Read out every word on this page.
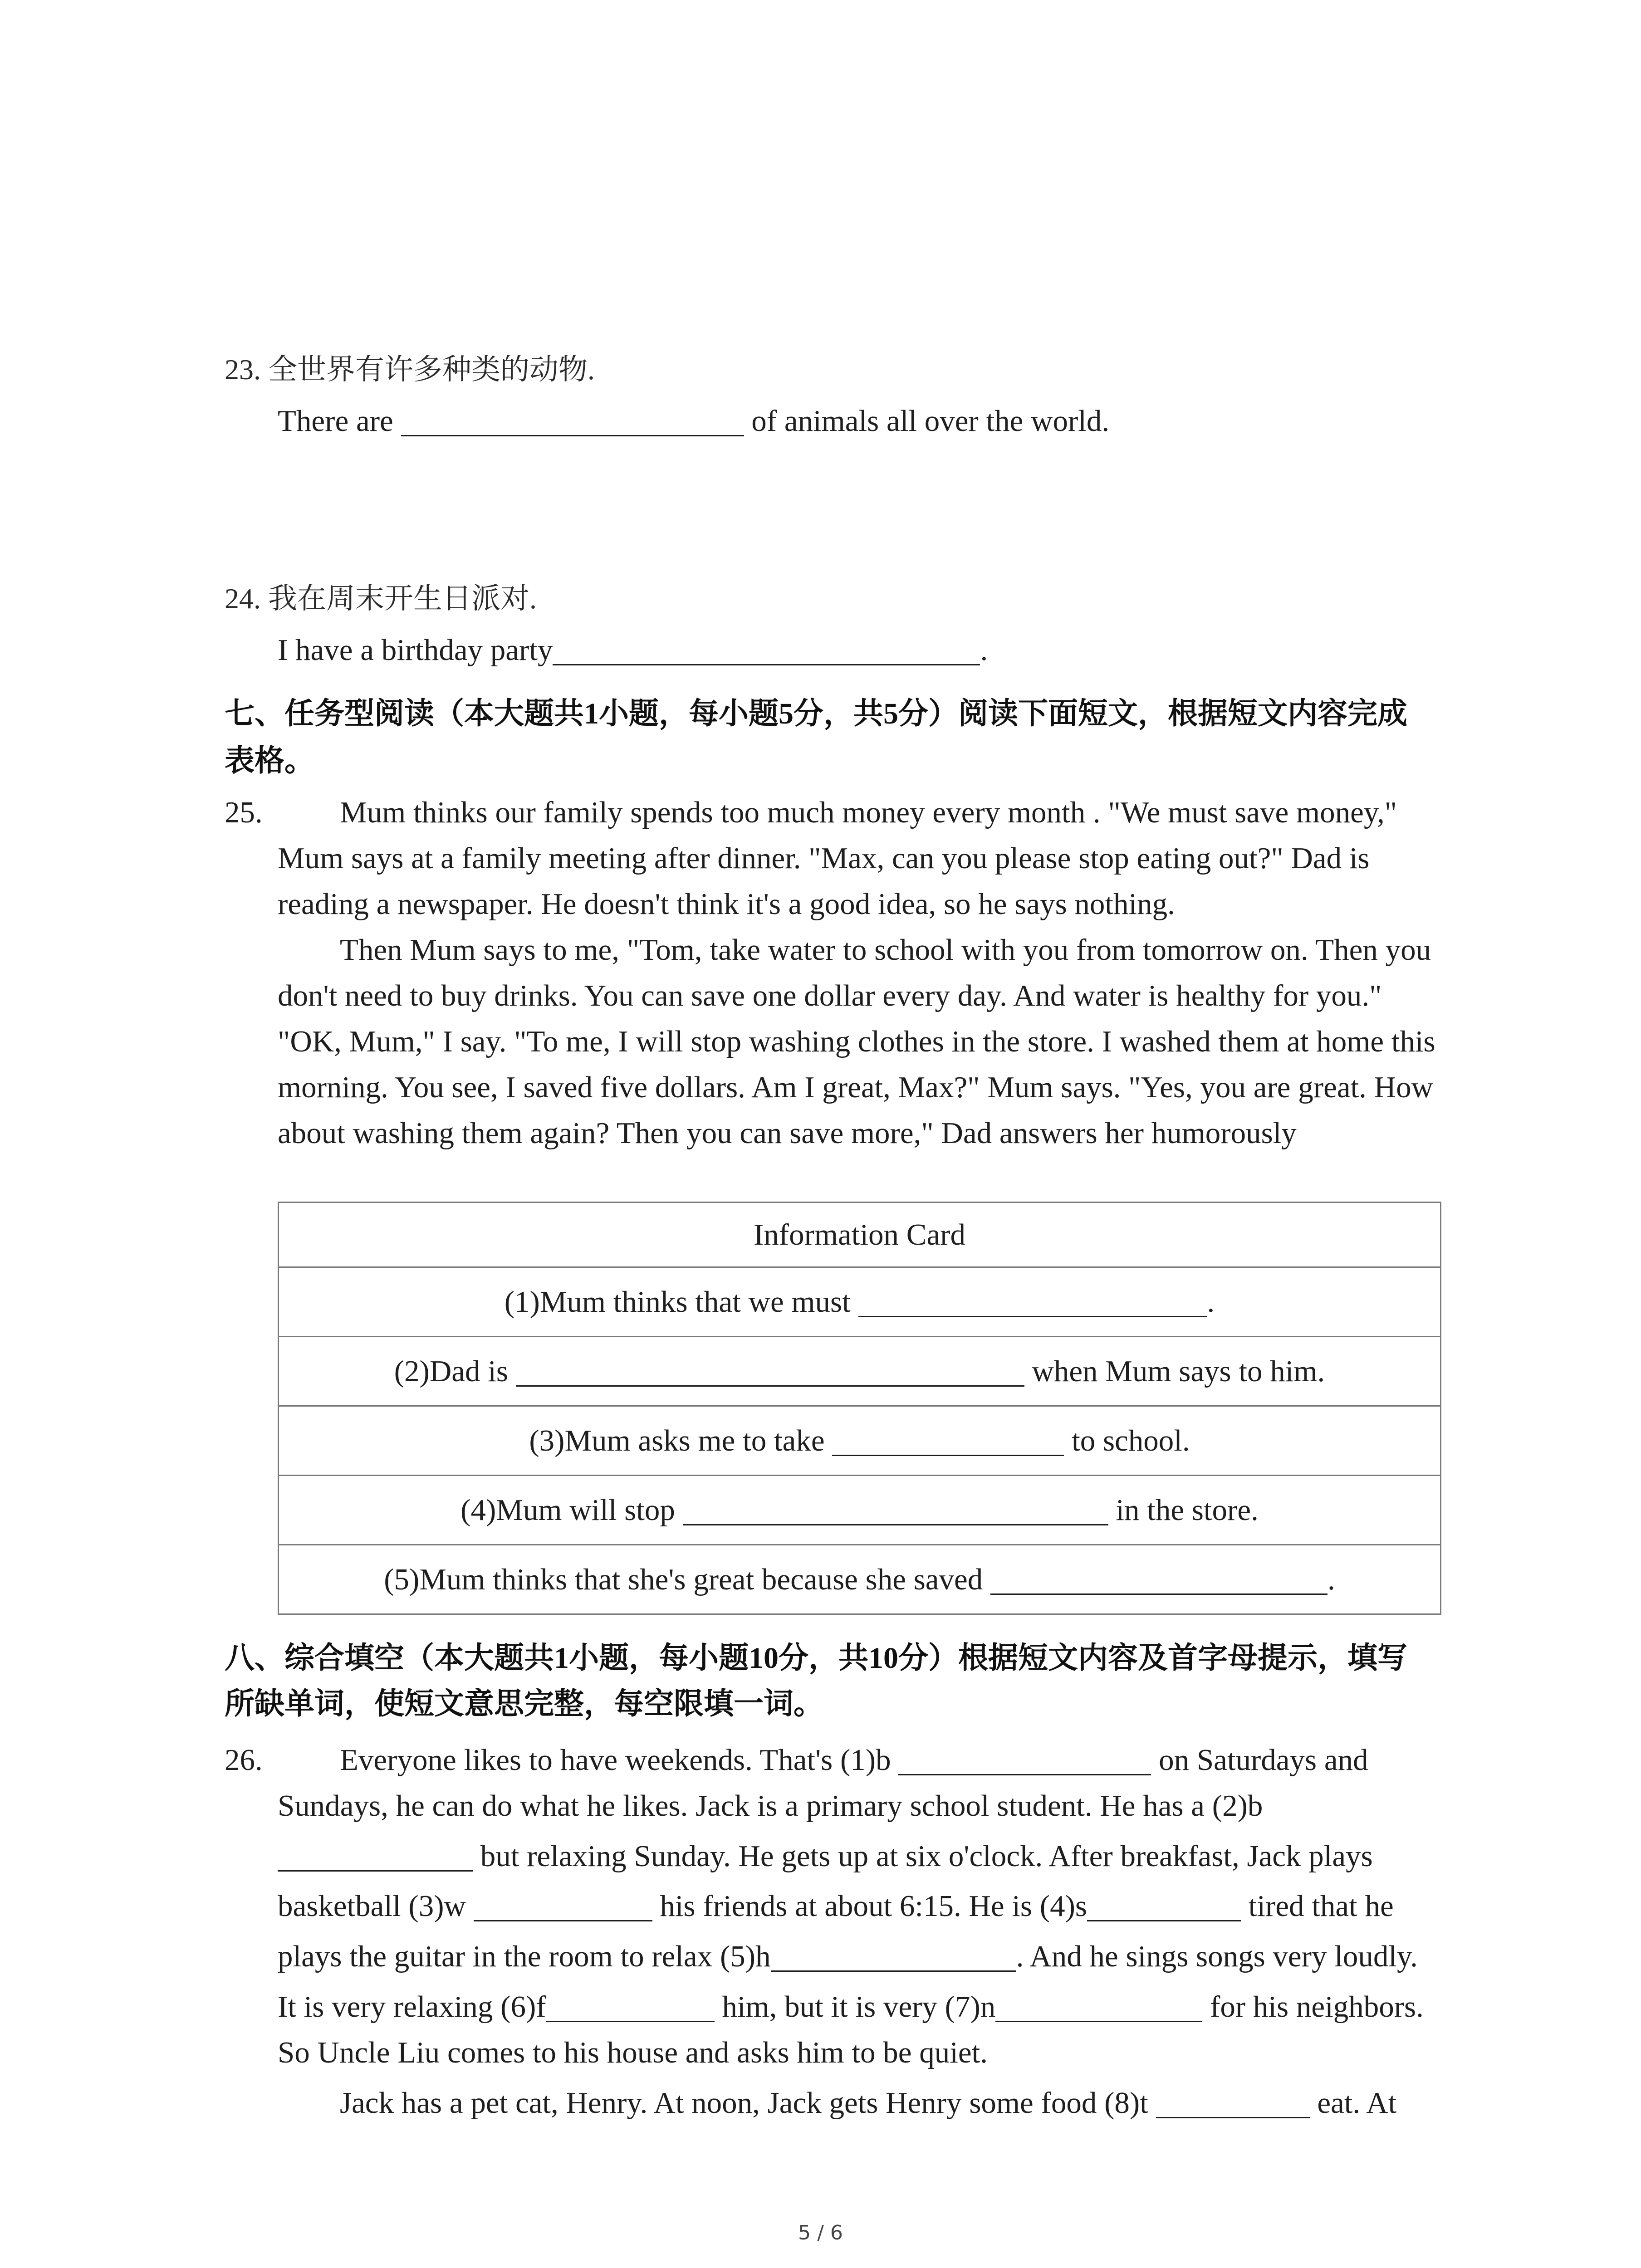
23. 全世界有许多种类的动物.
There are	of animals all over the world.
24. 我在周末开生日派对.
I have a birthday party	.
七、任务型阅读（本大题共1小题，每小题5分，共5分）阅读下面短文，根据短文内容完成
表格。
25.	Mum thinks our family spends too much money every month . "We must save money,"
Mum says at a family meeting after dinner. "Max, can you please stop eating out?" Dad is
reading a newspaper. He doesn't think it's a good idea, so he says nothing.
Then Mum says to me, "Tom, take water to school with you from tomorrow on. Then you
don't need to buy drinks. You can save one dollar every day. And water is healthy for you."
"OK, Mum," I say. "To me, I will stop washing clothes in the store. I washed them at home this
morning. You see, I saved five dollars. Am I great, Max?" Mum says. "Yes, you are great. How
about washing them again? Then you can save more," Dad answers her humorously
Information Card
(1)Mum thinks that we must	.
(2)Dad is	when Mum says to him.
(3)Mum asks me to take	to school.
(4)Mum will stop	in the store.
(5)Mum thinks that she's great because she saved	.
八、综合填空（本大题共1小题，每小题10分，共10分）根据短文内容及首字母提示，填写
所缺单词，使短文意思完整，每空限填一词。
26.	Everyone likes to have weekends. That's (1)b	on Saturdays and
Sundays, he can do what he likes. Jack is a primary school student. He has a (2)b
but relaxing Sunday. He gets up at six o'clock. After breakfast, Jack plays
basketball (3)w	his friends at about 6:15. He is (4)s	tired that he
plays the guitar in the room to relax (5)h	. And he sings songs very loudly.
It is very relaxing (6)f	him, but it is very (7)n	for his neighbors.
So Uncle Liu comes to his house and asks him to be quiet.
Jack has a pet cat, Henry. At noon, Jack gets Henry some food (8)t	eat. At
5 / 6
